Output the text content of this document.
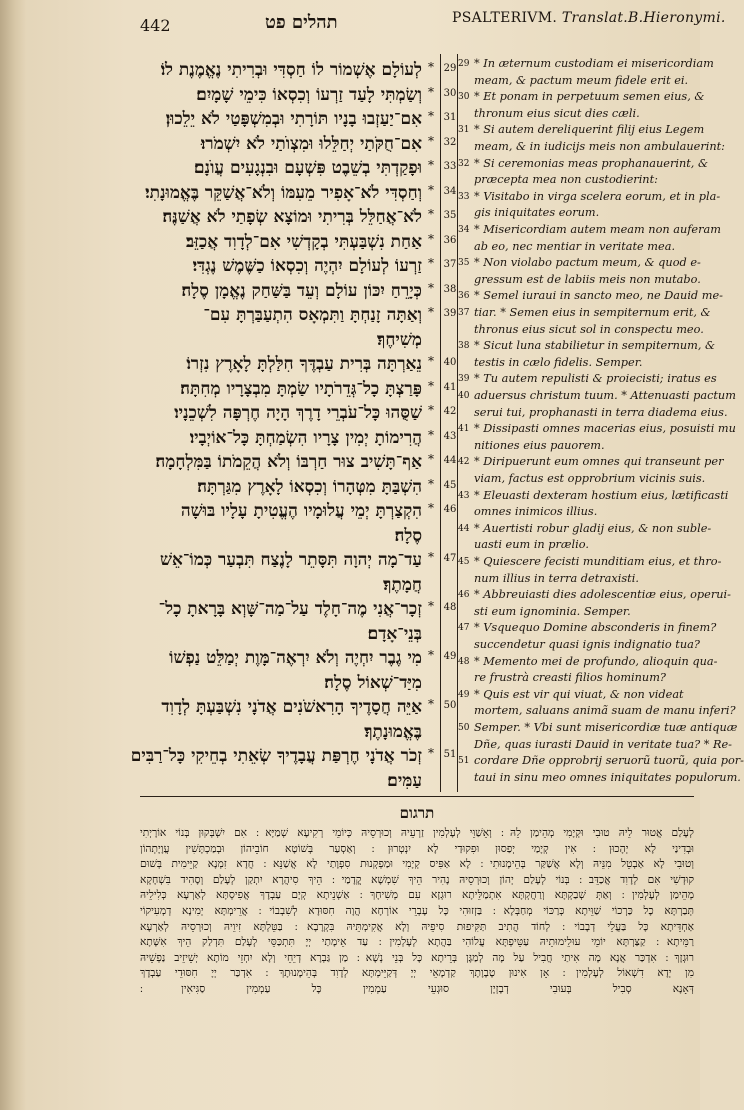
442	תהלים פט	PSALTERIVM. Translat.B.Hieronymi.
לְעוֹלָם אֶשְׁמוֹר לוֹ חַסְדִּי וּבְרִיתִי נֶאֱמֶנֶת לוֹ׃ * 29
וְשַׂמְתִּי לָעַד זַרְעוֹ וְכִסְאוֹ כִּימֵי שָׁמָיִם׃ * 30
אִם־יַעַזְבוּ בָנָיו תּוֹרָתִי וּבְמִשְׁפָּטַי לֹא יֵלֵכוּן׃ * 31
אִם־חֻקֹּתַי יְחַלֵּלוּ וּמִצְוֺתַי לֹא יִשְׁמֹרוּ׃ * 32
וּפָקַדְתִּי בְשֵׁבֶט פִּשְׁעָם וּבִנְגָעִים עֲוֺנָם׃ * 33
וְחַסְדִּי לֹא־אָפִיר מֵעִמּוֹ וְלֹא־אֲשַׁקֵּר בֶּאֱמוּנָתִי׃ * 34
לֹא־אֲחַלֵּל בְּרִיתִי וּמוֹצָא שְׂפָתַי לֹא אֲשַׁנֶּה׃ * 35
אַחַת נִשְׁבַּעְתִּי בְקָדְשִׁי אִם־לְדָוִד אֲכַזֵּב׃ * 36
זַרְעוֹ לְעוֹלָם יִהְיֶה וְכִסְאוֹ כַשֶּׁמֶשׁ נֶגְדִּי׃ * 37
כְּיָרֵחַ יִכּוֹן עוֹלָם וְעֵד בַּשַּׁחַק נֶאֱמָן סֶלָה׃ * 38
וְאַתָּה זָנַחְתָּ וַתִּמְאָס הִתְעַבַּרְתָּ עִם־ * 39
מְשִׁיחֶךָ׃
נֵאַרְתָּה בְּרִית עַבְדֶּךָ חִלַּלְתָּ לָאָרֶץ נִזְרוֹ׃ * 40
פָּרַצְתָּ כָל־גְּדֵרֹתָיו שַׂמְתָּ מִבְצָרָיו מְחִתָּה׃ * 41
שַׁסֻּהוּ כָּל־עֹבְרֵי דָרֶךְ הָיָה חֶרְפָּה לִשְׁכֵנָיו׃ * 42
הֲרִימוֹתָ יְמִין צָרָיו הִשְׂמַחְתָּ כָּל־אוֹיְבָיו׃ * 43
אַף־תָּשִׁיב צוּר חַרְבּוֹ וְלֹא הֲקֵמֹתוֹ בַּמִּלְחָמָה׃ * 44
הִשְׁבַּתָּ מִטְּהָרוֹ וְכִסְאוֹ לָאָרֶץ מִגַּרְתָּה׃ * 45
הִקְצַרְתָּ יְמֵי עֲלוּמָיו הֶעֱטִיתָ עָלָיו בּוּשָׁה * 46
סֶלָה׃
עַד־מָה יְהוָה תִּסָּתֵר לָנֶצַח תִּבְעַר כְּמוֹ־אֵשׁ * 47
חֲמָתֶךָ׃
זְכָר־אֲנִי מֶה־חָלֶד עַל־מַה־שָּׁוְא בָּרָאתָ כָל־ * 48
בְּנֵי־אָדָם׃
מִי גֶבֶר יִחְיֶה וְלֹא יִרְאֶה־מָּוֶת יְמַלֵּט נַפְשׁוֹ * 49
מִיַּד־שְׁאוֹל סֶלָה׃
אַיֵּה חֲסָדֶיךָ הָרִאשֹׁנִים אֲדֹנָי נִשְׁבַּעְתָּ לְדָוִד * 50
בֶּאֱמוּנָתֶךָ׃
זְכֹר אֲדֹנָי חֶרְפַּת עֲבָדֶיךָ שְׂאֵתִי בְחֵיקִי כָּל־רַבִּים * 51
עַמִּים׃
29 * In æternum custodiam ei misericordiam
meam, & pactum meum fidele erit ei.
30 * Et ponam in perpetuum semen eius, &
thronum eius sicut dies cæli.
31 * Si autem dereliquerint filij eius Legem
meam, & in iudicijs meis non ambulauerint:
32 * Si ceremonias meas prophanauerint, &
præcepta mea non custodierint:
33 * Visitabo in virga scelera eorum, et in pla-
gis iniquitates eorum.
34 * Misericordiam autem meam non auferam
ab eo, nec mentiar in veritate mea.
35 * Non violabo pactum meum, & quod e-
gressum est de labiis meis non mutabo.
36 * Semel iuraui in sancto meo, ne Dauid me-
37 tiar. * Semen eius in sempiternum erit, &
thronus eius sicut sol in conspectu meo.
38 * Sicut luna stabilietur in sempiternum, &
testis in cælo fidelis. Semper.
39 * Tu autem repulisti & proiecisti; iratus es
40 aduersus christum tuum. * Attenuasti pactum
serui tui, prophanasti in terra diadema eius.
41 * Dissipasti omnes macerias eius, posuisti mu
nitiones eius pauorem.
42 * Diripuerunt eum omnes qui transeunt per
viam, factus est opprobrium vicinis suis.
43 * Eleuasti dexteram hostium eius, lætificasti
omnes inimicos illius.
44 * Auertisti robur gladij eius, & non suble-
uasti eum in prælio.
45 * Quiescere fecisti munditiam eius, et thro-
num illius in terra detraxisti.
46 * Abbreuiasti dies adolescentiæ eius, operui-
sti eum ignominia. Semper.
47 * Vsquequo Domine absconderis in finem?
succendetur quasi ignis indignatio tua?
48 * Memento mei de profundo, alioquin qua-
re frustrà creasti filios hominum?
49 * Quis est vir qui viuat, & non videat
mortem, saluans animã suam de manu inferi?
50 Semper. * Vbi sunt misericordiæ tuæ antiquæ
Dñe, quas iurasti Dauid in veritate tua? * Re-
51 cordare Dñe opprobrij seruorũ tuorũ, quia por-
taui in sinu meo omnes iniquitates populorum.
תרגום
לְעָלַם אֲטוּר לֵיהּ טוּבִי וּקְיָמִי מְהֵימַן לֵהּ ׃ וְאֵשַׁוֵּי לְעָלְמִין זַרְעֵיהּ וְכוּרְסֵיהּ כְּיוֹמֵי רְקִיעָא שְׁמַיָּא ׃ אִם יִשְׁבְּקוּן בְּנוֹי אוֹרָיְתִי
וּבְדִינַי לָא יְהָכוּן ׃ אִין קְיָמַי יְפַסוּן וּפִקוּדַי לָא יִנְטְרוּן ׃ וְאַסְעַר בְּשׁוֹטָא חוֹבֵיהוֹן וּבְמַכְתָּשִׁין עֲוָיָתְהוֹן
וְטוּבִי לָא אַבְטֵל מִנֵּיהּ וְלָא אֲשַׁקַּר בְּהֵימָנוּתִי ׃ לָא אַפִּיס קְיָמִי וּמַפְקְנוּת סִפְוָתַי לָא אֲשַׁנֵּא ׃ חֲדָא זִמְנָא קַיֵּימִית בְּשׁוּם
קוּדְשִׁי אִם לְדָוִד אֲכַדֵּב ׃ בְּנוֹי לְעָלַם יְהוֹן וְכוּרְסֵיהּ נָהִיר הֵיךְ שִׁמְשָׁא קֳדָמַי ׃ הֵיךְ סִיהֲרָא יִתְקַן לְעָלַם וְסָהִיד בִּשְׁחָקָא
מְהֵימַן לְעָלְמִין ׃ וְאַתְּ שְׁבַקְתָּא וְרַחֲקְתָּא אִתְמַלֵּיתָא רוּגְזָא עִם מְשִׁיחָךְ ׃ אַשְׁנֵיתָא קְיָם עַבְדָךְ אֲפִיסְתָּא לְאַרְעָא כְּלִילֵיהּ
תְּבַרְתָּא כָל כַּרְכוֹי שַׁוֵּיתָא כְּרַכּוֹי מְחַבְּלָא ׃ בַּזְזוּהִי כָּל עָבְרֵי אוֹרְחָא הֲוָה חִסּוּדָא לְשִׁבְבוֹי ׃ אֲרֵימְתָּא יְמִינָא דְמְעִיקוֹי
אַחְדֵּיתָא כָּל בַּעֲלֵי דְבָבוֹי ׃ לְחוֹד הֲתִיב תַּקִּיפוּת סִיפֵיהּ וְלָא אֲקִימְתֵּיהּ בִּקְרָבָא ׃ בַּטֵּלְתָּא זִיוֵיהּ וְכוּרְסֵיהּ לְאַרְעָא
רַמֵּיתָא ׃ קַצַּרְתָּא יוֹמֵי עוּלֵימוּתֵיהּ עַטֵּיפְתָּא עֲלוֹהִי בַּהֲתָא לְעָלְמִין ׃ עַד אֵימָתַי יְיָ תִּתְכַּסֵּי לְעָלַם תִּדְלַק הֵיךְ אִשָּׁתָא
רוּגְזָךְ ׃ אִדְכַּר אֲנָא מָה אִיתַי חֲבִיל עַל מָה לְמַגָּן בְּרֵיתָא כָּל בְּנֵי נְשָׁא ׃ מַן גַּבְרָא דְיֵחֵי וְלָא יִחְזֵי מוֹתָא יְשֵׁיזֵיב נַפְשֵׁיהּ
מִן יְדָא דִשְׁאוֹל לְעָלְמִין ׃ אָן אִינוּן טָבָוָתָךְ קַדְמָאֵי יְיָ דְּקַיֵּימְתָּא לְדָוִד בְּהֵימָנוּתָךְ ׃ אִדְכַּר יְיָ חִסּוּדֵי עַבְדָךְ
דְּאָנָא סְבִיל בְּעוּבִי דְבָזְיָן סוּגְעֵי עַמְמִין כָּל עַמְמִין סַגִּיאִין ׃
